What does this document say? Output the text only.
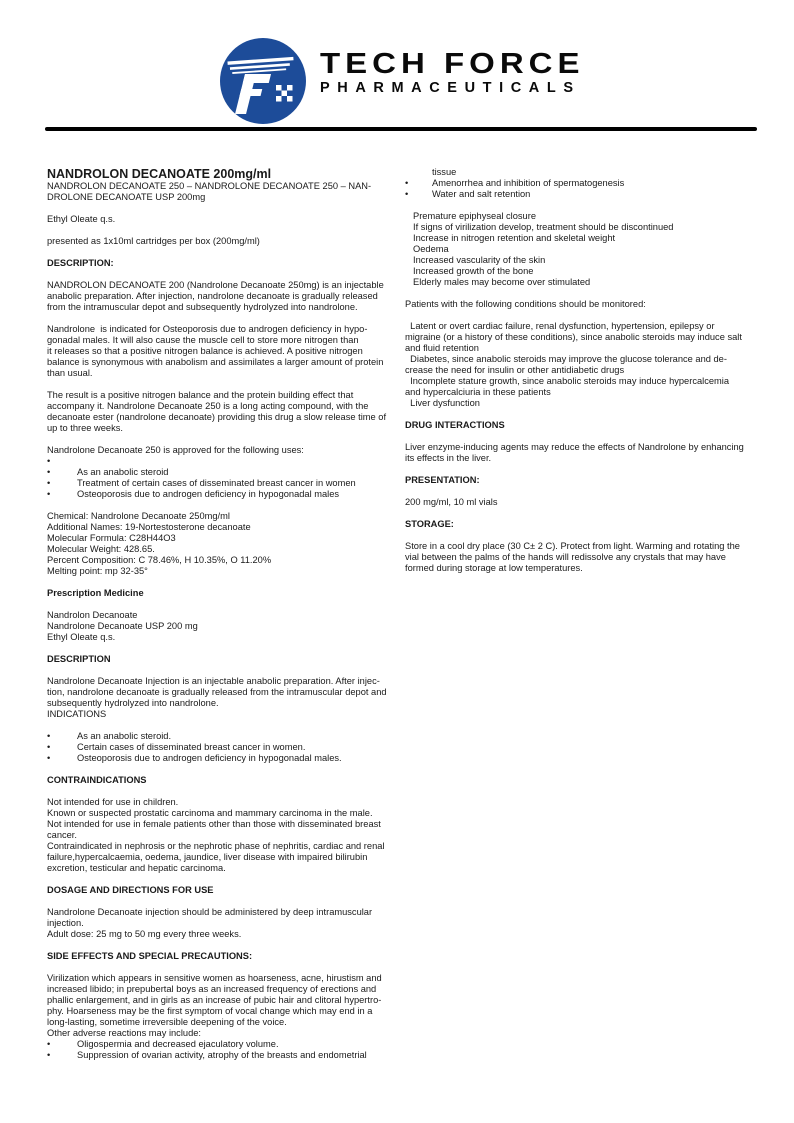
TECH FORCE
PHARMACEUTICALS
NANDROLON DECANOATE 200mg/ml
NANDROLON DECANOATE 250 – NANDROLONE DECANOATE 250 – NAN-
DROLONE DECANOATE USP 200mg
Ethyl Oleate q.s.
presented as 1x10ml cartridges per box (200mg/ml)
DESCRIPTION:
NANDROLON DECANOATE 200 (Nandrolone Decanoate 250mg) is an injectable
anabolic preparation. After injection, nandrolone decanoate is gradually released
from the intramuscular depot and subsequently hydrolyzed into nandrolone.
Nandrolone  is indicated for Osteoporosis due to androgen deficiency in hypo-
gonadal males. It will also cause the muscle cell to store more nitrogen than
it releases so that a positive nitrogen balance is achieved. A positive nitrogen
balance is synonymous with anabolism and assimilates a larger amount of protein
than usual.
The result is a positive nitrogen balance and the protein building effect that
accompany it. Nandrolone Decanoate 250 is a long acting compound, with the
decanoate ester (nandrolone decanoate) providing this drug a slow release time of
up to three weeks.
Nandrolone Decanoate 250 is approved for the following uses:
•
•	As an anabolic steroid
•	Treatment of certain cases of disseminated breast cancer in women
•	Osteoporosis due to androgen deficiency in hypogonadal males
Chemical: Nandrolone Decanoate 250mg/ml
Additional Names: 19-Nortestosterone decanoate
Molecular Formula: C28H44O3
Molecular Weight: 428.65.
Percent Composition: C 78.46%, H 10.35%, O 11.20%
Melting point: mp 32-35°
Prescription Medicine
Nandrolon Decanoate
Nandrolone Decanoate USP 200 mg
Ethyl Oleate q.s.
DESCRIPTION
Nandrolone Decanoate Injection is an injectable anabolic preparation. After injec-
tion, nandrolone decanoate is gradually released from the intramuscular depot and
subsequently hydrolyzed into nandrolone.
INDICATIONS
•	As an anabolic steroid.
•	Certain cases of disseminated breast cancer in women.
•	Osteoporosis due to androgen deficiency in hypogonadal males.
CONTRAINDICATIONS
Not intended for use in children.
Known or suspected prostatic carcinoma and mammary carcinoma in the male.
Not intended for use in female patients other than those with disseminated breast
cancer.
Contraindicated in nephrosis or the nephrotic phase of nephritis, cardiac and renal
failure,hypercalcaemia, oedema, jaundice, liver disease with impaired bilirubin
excretion, testicular and hepatic carcinoma.
DOSAGE AND DIRECTIONS FOR USE
Nandrolone Decanoate injection should be administered by deep intramuscular
injection.
Adult dose: 25 mg to 50 mg every three weeks.
SIDE EFFECTS AND SPECIAL PRECAUTIONS:
Virilization which appears in sensitive women as hoarseness, acne, hirustism and
increased libido; in prepubertal boys as an increased frequency of erections and
phallic enlargement, and in girls as an increase of pubic hair and clitoral hypertro-
phy. Hoarseness may be the first symptom of vocal change which may end in a
long-lasting, sometime irreversible deepening of the voice.
Other adverse reactions may include:
•	Oligospermia and decreased ejaculatory volume.
•	Suppression of ovarian activity, atrophy of the breasts and endometrial
tissue
•	Amenorrhea and inhibition of spermatogenesis
•	Water and salt retention
Premature epiphyseal closure
If signs of virilization develop, treatment should be discontinued
Increase in nitrogen retention and skeletal weight
Oedema
Increased vascularity of the skin
Increased growth of the bone
Elderly males may become over stimulated
Patients with the following conditions should be monitored:
Latent or overt cardiac failure, renal dysfunction, hypertension, epilepsy or
migraine (or a history of these conditions), since anabolic steroids may induce salt
and fluid retention
Diabetes, since anabolic steroids may improve the glucose tolerance and de-
crease the need for insulin or other antidiabetic drugs
Incomplete stature growth, since anabolic steroids may induce hypercalcemia
and hypercalciuria in these patients
Liver dysfunction
DRUG INTERACTIONS
Liver enzyme-inducing agents may reduce the effects of Nandrolone by enhancing
its effects in the liver.
PRESENTATION:
200 mg/ml, 10 ml vials
STORAGE:
Store in a cool dry place (30 C± 2 C). Protect from light. Warming and rotating the
vial between the palms of the hands will redissolve any crystals that may have
formed during storage at low temperatures.
